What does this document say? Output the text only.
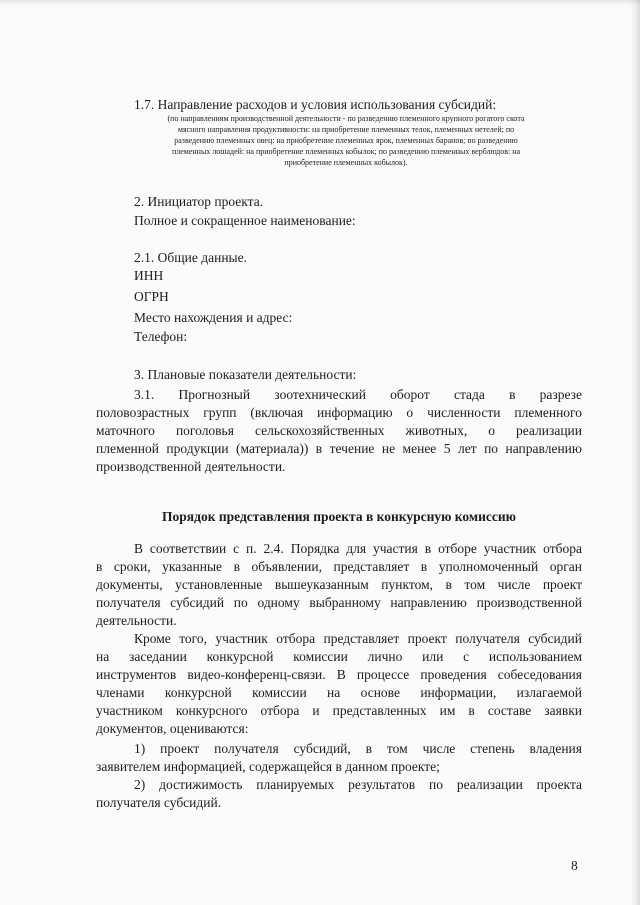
1.7. Направление расходов и условия использования субсидий:
(по направлениям производственной деятельности - по разведению племенного крупного рогатого скота
мясного направления продуктивности: на приобретение племенных телок, племенных нетелей; по
разведению племенных овец: на приобретение племенных ярок, племенных баранов; по разведению
племенных лошадей: на приобретение племенных кобылок; по разведению племенных верблюдов: на
приобретение племенных кобылок).
2. Инициатор проекта.
Полное и сокращенное наименование:
2.1. Общие данные.
ИНН
ОГРН
Место нахождения и адрес:
Телефон:
3. Плановые показатели деятельности:
3.1. Прогнозный зоотехнический оборот стада в разрезе
половозрастных групп (включая информацию о численности племенного
маточного поголовья сельскохозяйственных животных, о реализации
племенной продукции (материала)) в течение не менее 5 лет по направлению
производственной деятельности.
Порядок представления проекта в конкурсную комиссию
В соответствии с п. 2.4. Порядка для участия в отборе участник отбора
в сроки, указанные в объявлении, представляет в уполномоченный орган
документы, установленные вышеуказанным пунктом, в том числе проект
получателя субсидий по одному выбранному направлению производственной
деятельности.
Кроме того, участник отбора представляет проект получателя субсидий
на заседании конкурсной комиссии лично или с использованием
инструментов видео-конференц-связи. В процессе проведения собеседования
членами конкурсной комиссии на основе информации, излагаемой
участником конкурсного отбора и представленных им в составе заявки
документов, оцениваются:
1) проект получателя субсидий, в том числе степень владения
заявителем информацией, содержащейся в данном проекте;
2) достижимость планируемых результатов по реализации проекта
получателя субсидий.
8
